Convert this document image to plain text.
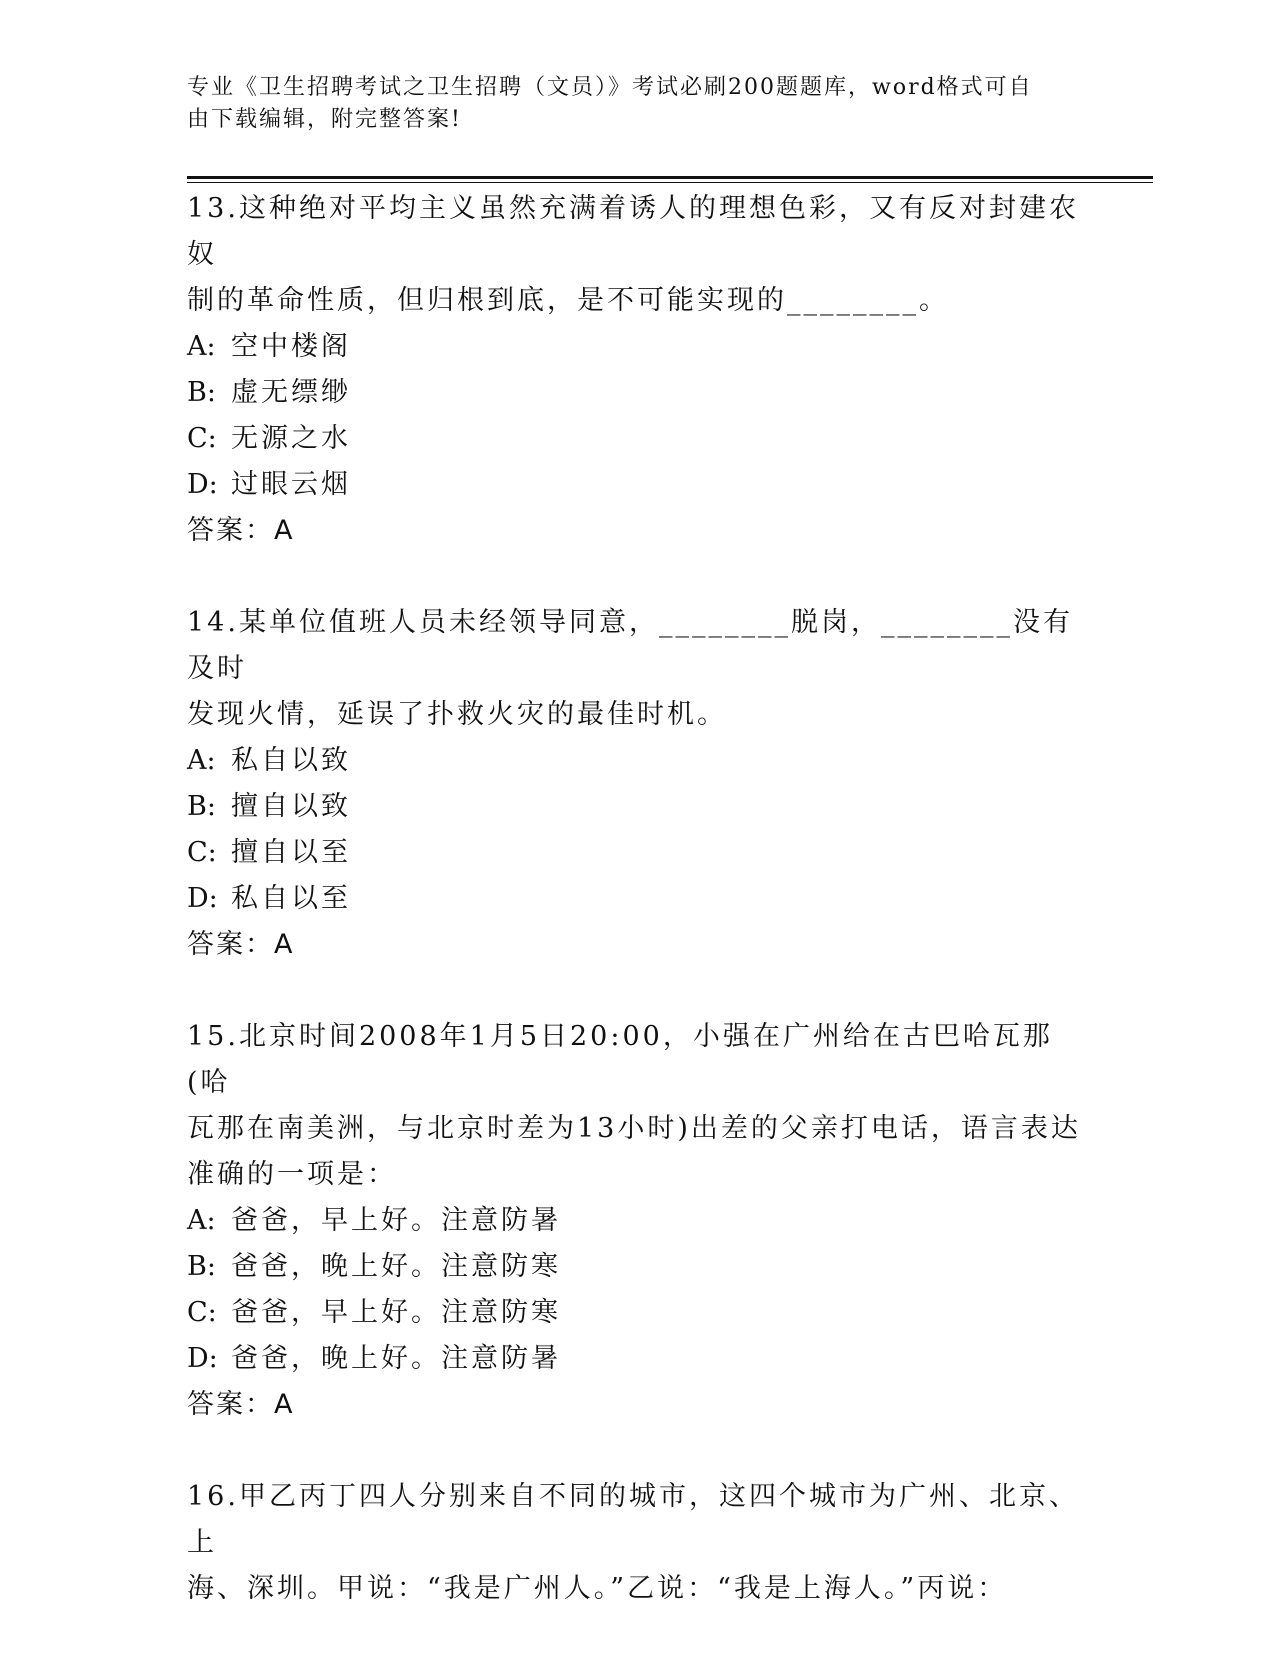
专业《卫生招聘考试之卫生招聘（文员）》考试必刷200题题库，word格式可自
由下载编辑，附完整答案!
13.这种绝对平均主义虽然充满着诱人的理想色彩，又有反对封建农奴
制的革命性质，但归根到底，是不可能实现的________。
A: 空中楼阁
B: 虚无缥缈
C: 无源之水
D: 过眼云烟
答案：A
14.某单位值班人员未经领导同意，________脱岗，________没有及时
发现火情，延误了扑救火灾的最佳时机。
A: 私自以致
B: 擅自以致
C: 擅自以至
D: 私自以至
答案：A
15.北京时间2008年1月5日20:00，小强在广州给在古巴哈瓦那(哈
瓦那在南美洲，与北京时差为13小时)出差的父亲打电话，语言表达
准确的一项是：
A: 爸爸，早上好。注意防暑
B: 爸爸，晚上好。注意防寒
C: 爸爸，早上好。注意防寒
D: 爸爸，晚上好。注意防暑
答案：A
16.甲乙丙丁四人分别来自不同的城市，这四个城市为广州、北京、上
海、深圳。甲说：“我是广州人。”乙说：“我是上海人。”丙说：
